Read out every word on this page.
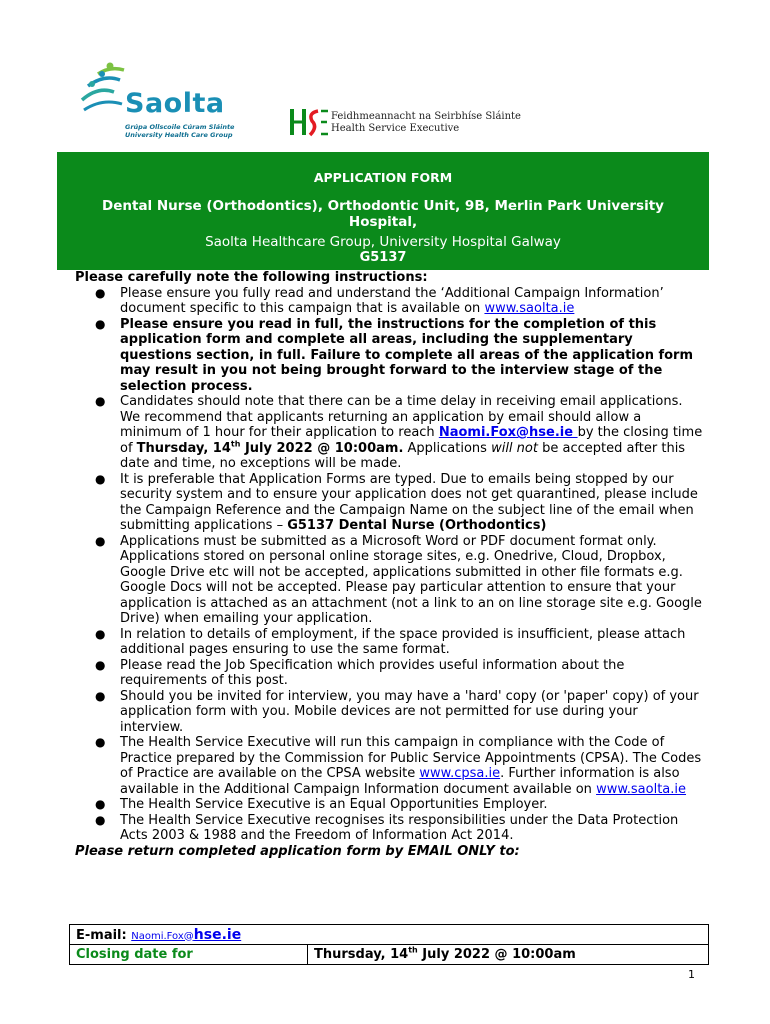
Saolta
Grúpa Ollscoile Cúram Sláinte
University Health Care Group
Feidhmeannacht na Seirbhíse Sláinte
Health Service Executive
APPLICATION FORM
Dental Nurse (Orthodontics), Orthodontic Unit, 9B, Merlin Park University Hospital,
Saolta Healthcare Group, University Hospital Galway
G5137

Please carefully note the following instructions:

● Please ensure you fully read and understand the ‘Additional Campaign Information’ document specific to this campaign that is available on www.saolta.ie
● Please ensure you read in full, the instructions for the completion of this application form and complete all areas, including the supplementary questions section, in full. Failure to complete all areas of the application form may result in you not being brought forward to the interview stage of the selection process.
● Candidates should note that there can be a time delay in receiving email applications. We recommend that applicants returning an application by email should allow a minimum of 1 hour for their application to reach Naomi.Fox@hse.ie by the closing time of Thursday, 14th July 2022 @ 10:00am. Applications will not be accepted after this date and time, no exceptions will be made.
● It is preferable that Application Forms are typed. Due to emails being stopped by our security system and to ensure your application does not get quarantined, please include the Campaign Reference and the Campaign Name on the subject line of the email when submitting applications – G5137 Dental Nurse (Orthodontics)
● Applications must be submitted as a Microsoft Word or PDF document format only. Applications stored on personal online storage sites, e.g. Onedrive, Cloud, Dropbox, Google Drive etc will not be accepted, applications submitted in other file formats e.g. Google Docs will not be accepted. Please pay particular attention to ensure that your application is attached as an attachment (not a link to an on line storage site e.g. Google Drive) when emailing your application.
● In relation to details of employment, if the space provided is insufficient, please attach additional pages ensuring to use the same format.
● Please read the Job Specification which provides useful information about the requirements of this post.
● Should you be invited for interview, you may have a 'hard' copy (or 'paper' copy) of your application form with you. Mobile devices are not permitted for use during your interview.
● The Health Service Executive will run this campaign in compliance with the Code of Practice prepared by the Commission for Public Service Appointments (CPSA). The Codes of Practice are available on the CPSA website www.cpsa.ie. Further information is also available in the Additional Campaign Information document available on www.saolta.ie
● The Health Service Executive is an Equal Opportunities Employer.
● The Health Service Executive recognises its responsibilities under the Data Protection Acts 2003 & 1988 and the Freedom of Information Act 2014.

Please return completed application form by EMAIL ONLY to:

E-mail: Naomi.Fox@hse.ie
Closing date for	Thursday, 14th July 2022 @ 10:00am
1
